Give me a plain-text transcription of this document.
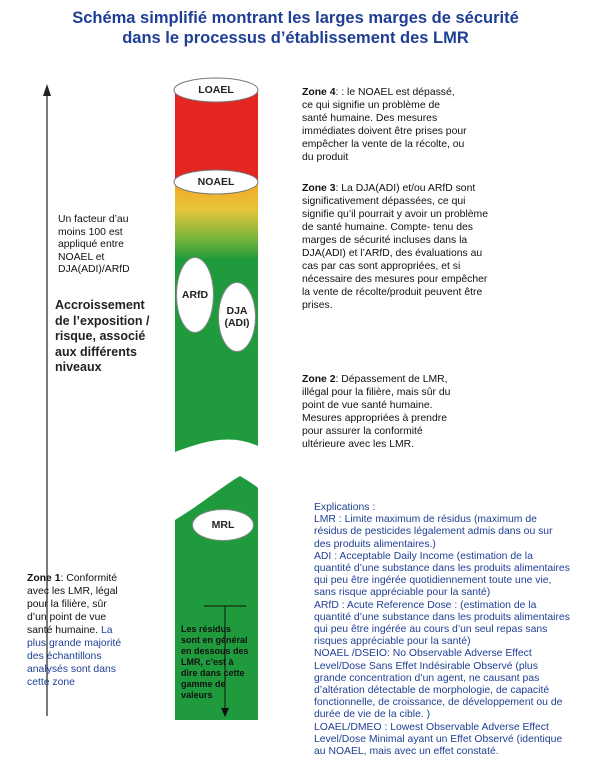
Schéma simplifié montrant les larges marges de sécurité
dans le processus d’établissement des LMR
LOAEL
NOAEL
ARfD
DJA
(ADI)
MRL
Les résidus
sont en général
en dessous des
LMR, c’est à
dire dans cette
gamme de
valeurs
Un facteur d’au
moins 100 est
appliqué entre
NOAEL et
DJA(ADI)/ARfD
Accroissement
de l’exposition /
risque, associé
aux différents
niveaux
Zone 4: : le NOAEL est dépassé,
ce qui signifie un problème de
santé humaine. Des mesures
immédiates doivent être prises pour
empêcher la vente de la récolte, ou
du produit
Zone 3: La DJA(ADI) et/ou ARfD sont
significativement dépassées, ce qui
signifie qu’il pourrait y avoir un problème
de santé humaine. Compte- tenu des
marges de sécurité incluses dans la
DJA(ADI) et l’ARfD, des évaluations au
cas par cas sont appropriées, et si
nécessaire des mesures pour empêcher
la vente de récolte/produit peuvent être
prises.
Zone 2: Dépassement de LMR,
illégal pour la filière, mais sûr du
point de vue santé humaine.
Mesures appropriées à prendre
pour assurer la conformité
ultérieure avec les LMR.
Zone 1: Conformité
avec les LMR, légal
pour la filière, sûr
d’un point de vue
santé humaine. La
plus grande majorité
des échantillons
analysés sont dans
cette zone
Explications :
LMR : Limite maximum de résidus (maximum de
résidus de pesticides légalement admis dans ou sur
des produits alimentaires.)
ADI : Acceptable Daily Income (estimation de la
quantité d’une substance dans les produits alimentaires
qui peu être ingérée quotidiennement toute une vie,
sans risque appréciable pour la santé)
ARfD : Acute Reference Dose : (estimation de la
quantité d’une substance dans les produits alimentaires
qui peu être ingérée au cours d’un seul repas sans
risques appréciable pour la santé)
NOAEL /DSEIO: No Observable Adverse Effect
Level/Dose Sans Effet Indésirable Observé (plus
grande concentration d’un agent, ne causant pas
d’altération détectable de morphologie, de capacité
fonctionnelle, de croissance, de développement ou de
durée de vie de la cible. )
LOAEL/DMEO : Lowest Observable Adverse Effect
Level/Dose Minimal ayant un Effet Observé (identique
au NOAEL, mais avec un effet constaté.
